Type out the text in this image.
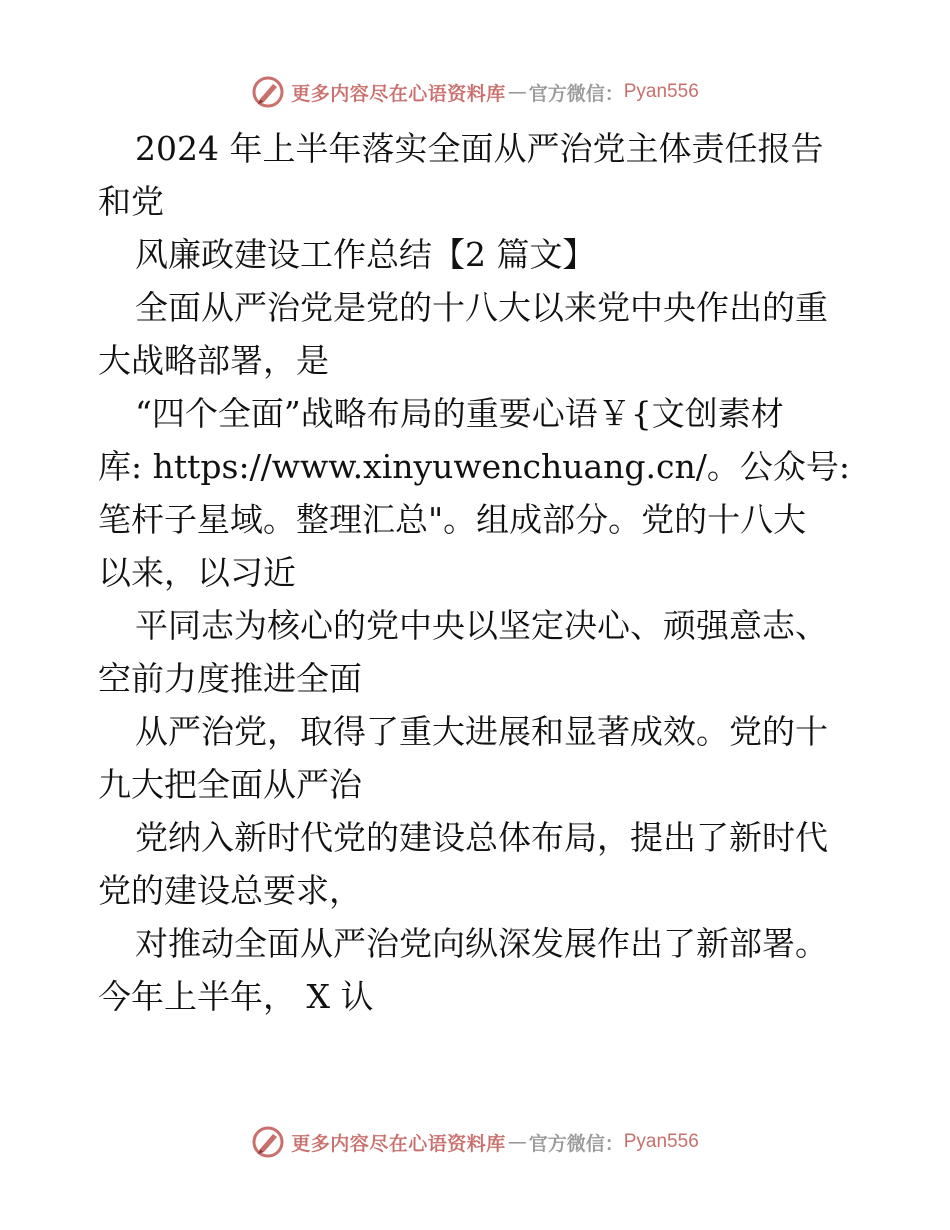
更多内容尽在心语资料库 — 官方微信： Pyan556
2024 年上半年落实全面从严治党主体责任报告
和党
风廉政建设工作总结【2 篇文】
全面从严治党是党的十八大以来党中央作出的重
大战略部署，是
“四个全面”战略布局的重要心语￥{文创素材
库: https://www.xinyuwenchuang.cn/。公众号:
笔杆子星域。整理汇总"。组成部分。党的十八大
以来，以习近
平同志为核心的党中央以坚定决心、顽强意志、
空前力度推进全面
从严治党，取得了重大进展和显著成效。党的十
九大把全面从严治
党纳入新时代党的建设总体布局，提出了新时代
党的建设总要求，
对推动全面从严治党向纵深发展作出了新部署。
今年上半年， X 认
更多内容尽在心语资料库 — 官方微信： Pyan556
